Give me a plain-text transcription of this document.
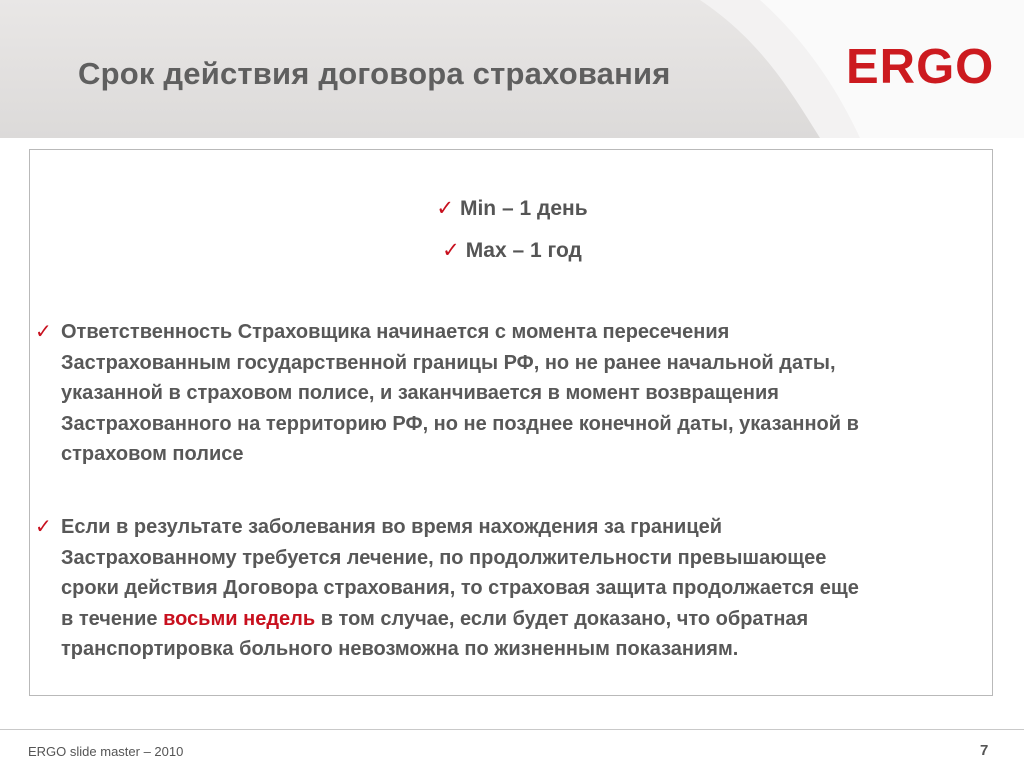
Срок действия договора страхования	ERGO
✓ Min – 1 день
✓ Max – 1 год
✓ Ответственность Страховщика начинается с момента пересечения
Застрахованным государственной границы РФ, но не ранее начальной даты,
указанной в страховом полисе, и заканчивается в момент возвращения
Застрахованного на территорию РФ, но не позднее конечной даты, указанной в
страховом полисе
✓ Если в результате заболевания во время нахождения за границей
Застрахованному требуется лечение, по продолжительности превышающее
сроки действия Договора страхования, то страховая защита продолжается еще
в течение восьми недель в том случае, если будет доказано, что обратная
транспортировка больного невозможна по жизненным показаниям.
ERGO slide master – 2010	7
